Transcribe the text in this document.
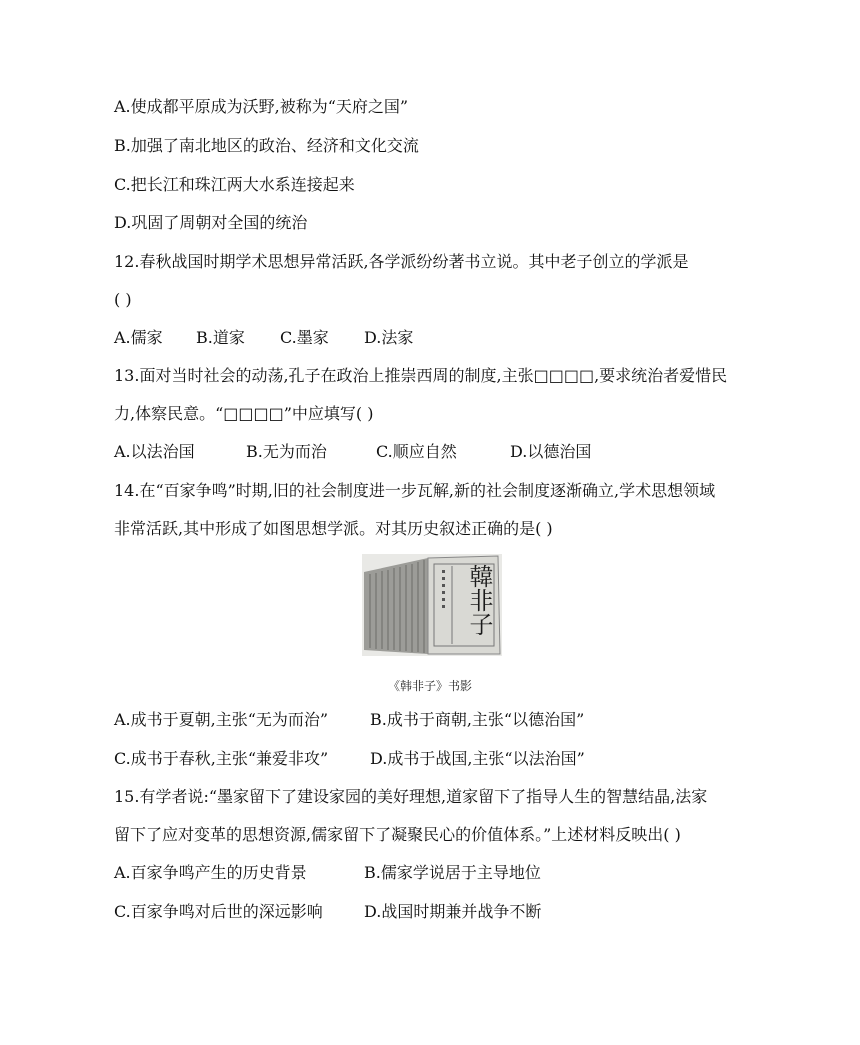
A.使成都平原成为沃野,被称为“天府之国”
B.加强了南北地区的政治、经济和文化交流
C.把长江和珠江两大水系连接起来
D.巩固了周朝对全国的统治
12.春秋战国时期学术思想异常活跃,各学派纷纷著书立说。其中老子创立的学派是
( )
A.儒家 B.道家 C.墨家 D.法家
13.面对当时社会的动荡,孔子在政治上推崇西周的制度,主张□□□□,要求统治者爱惜民
力,体察民意。“□□□□”中应填写( )
A.以法治国	B.无为而治	C.顺应自然	D.以德治国
14.在“百家争鸣”时期,旧的社会制度进一步瓦解,新的社会制度逐渐确立,学术思想领域
非常活跃,其中形成了如图思想学派。对其历史叙述正确的是( )
韓非子
《韩非子》书影
A.成书于夏朝,主张“无为而治”	B.成书于商朝,主张“以德治国”
C.成书于春秋,主张“兼爱非攻”	D.成书于战国,主张“以法治国”
15.有学者说:“墨家留下了建设家园的美好理想,道家留下了指导人生的智慧结晶,法家
留下了应对变革的思想资源,儒家留下了凝聚民心的价值体系。”上述材料反映出( )
A.百家争鸣产生的历史背景	B.儒家学说居于主导地位
C.百家争鸣对后世的深远影响	D.战国时期兼并战争不断
